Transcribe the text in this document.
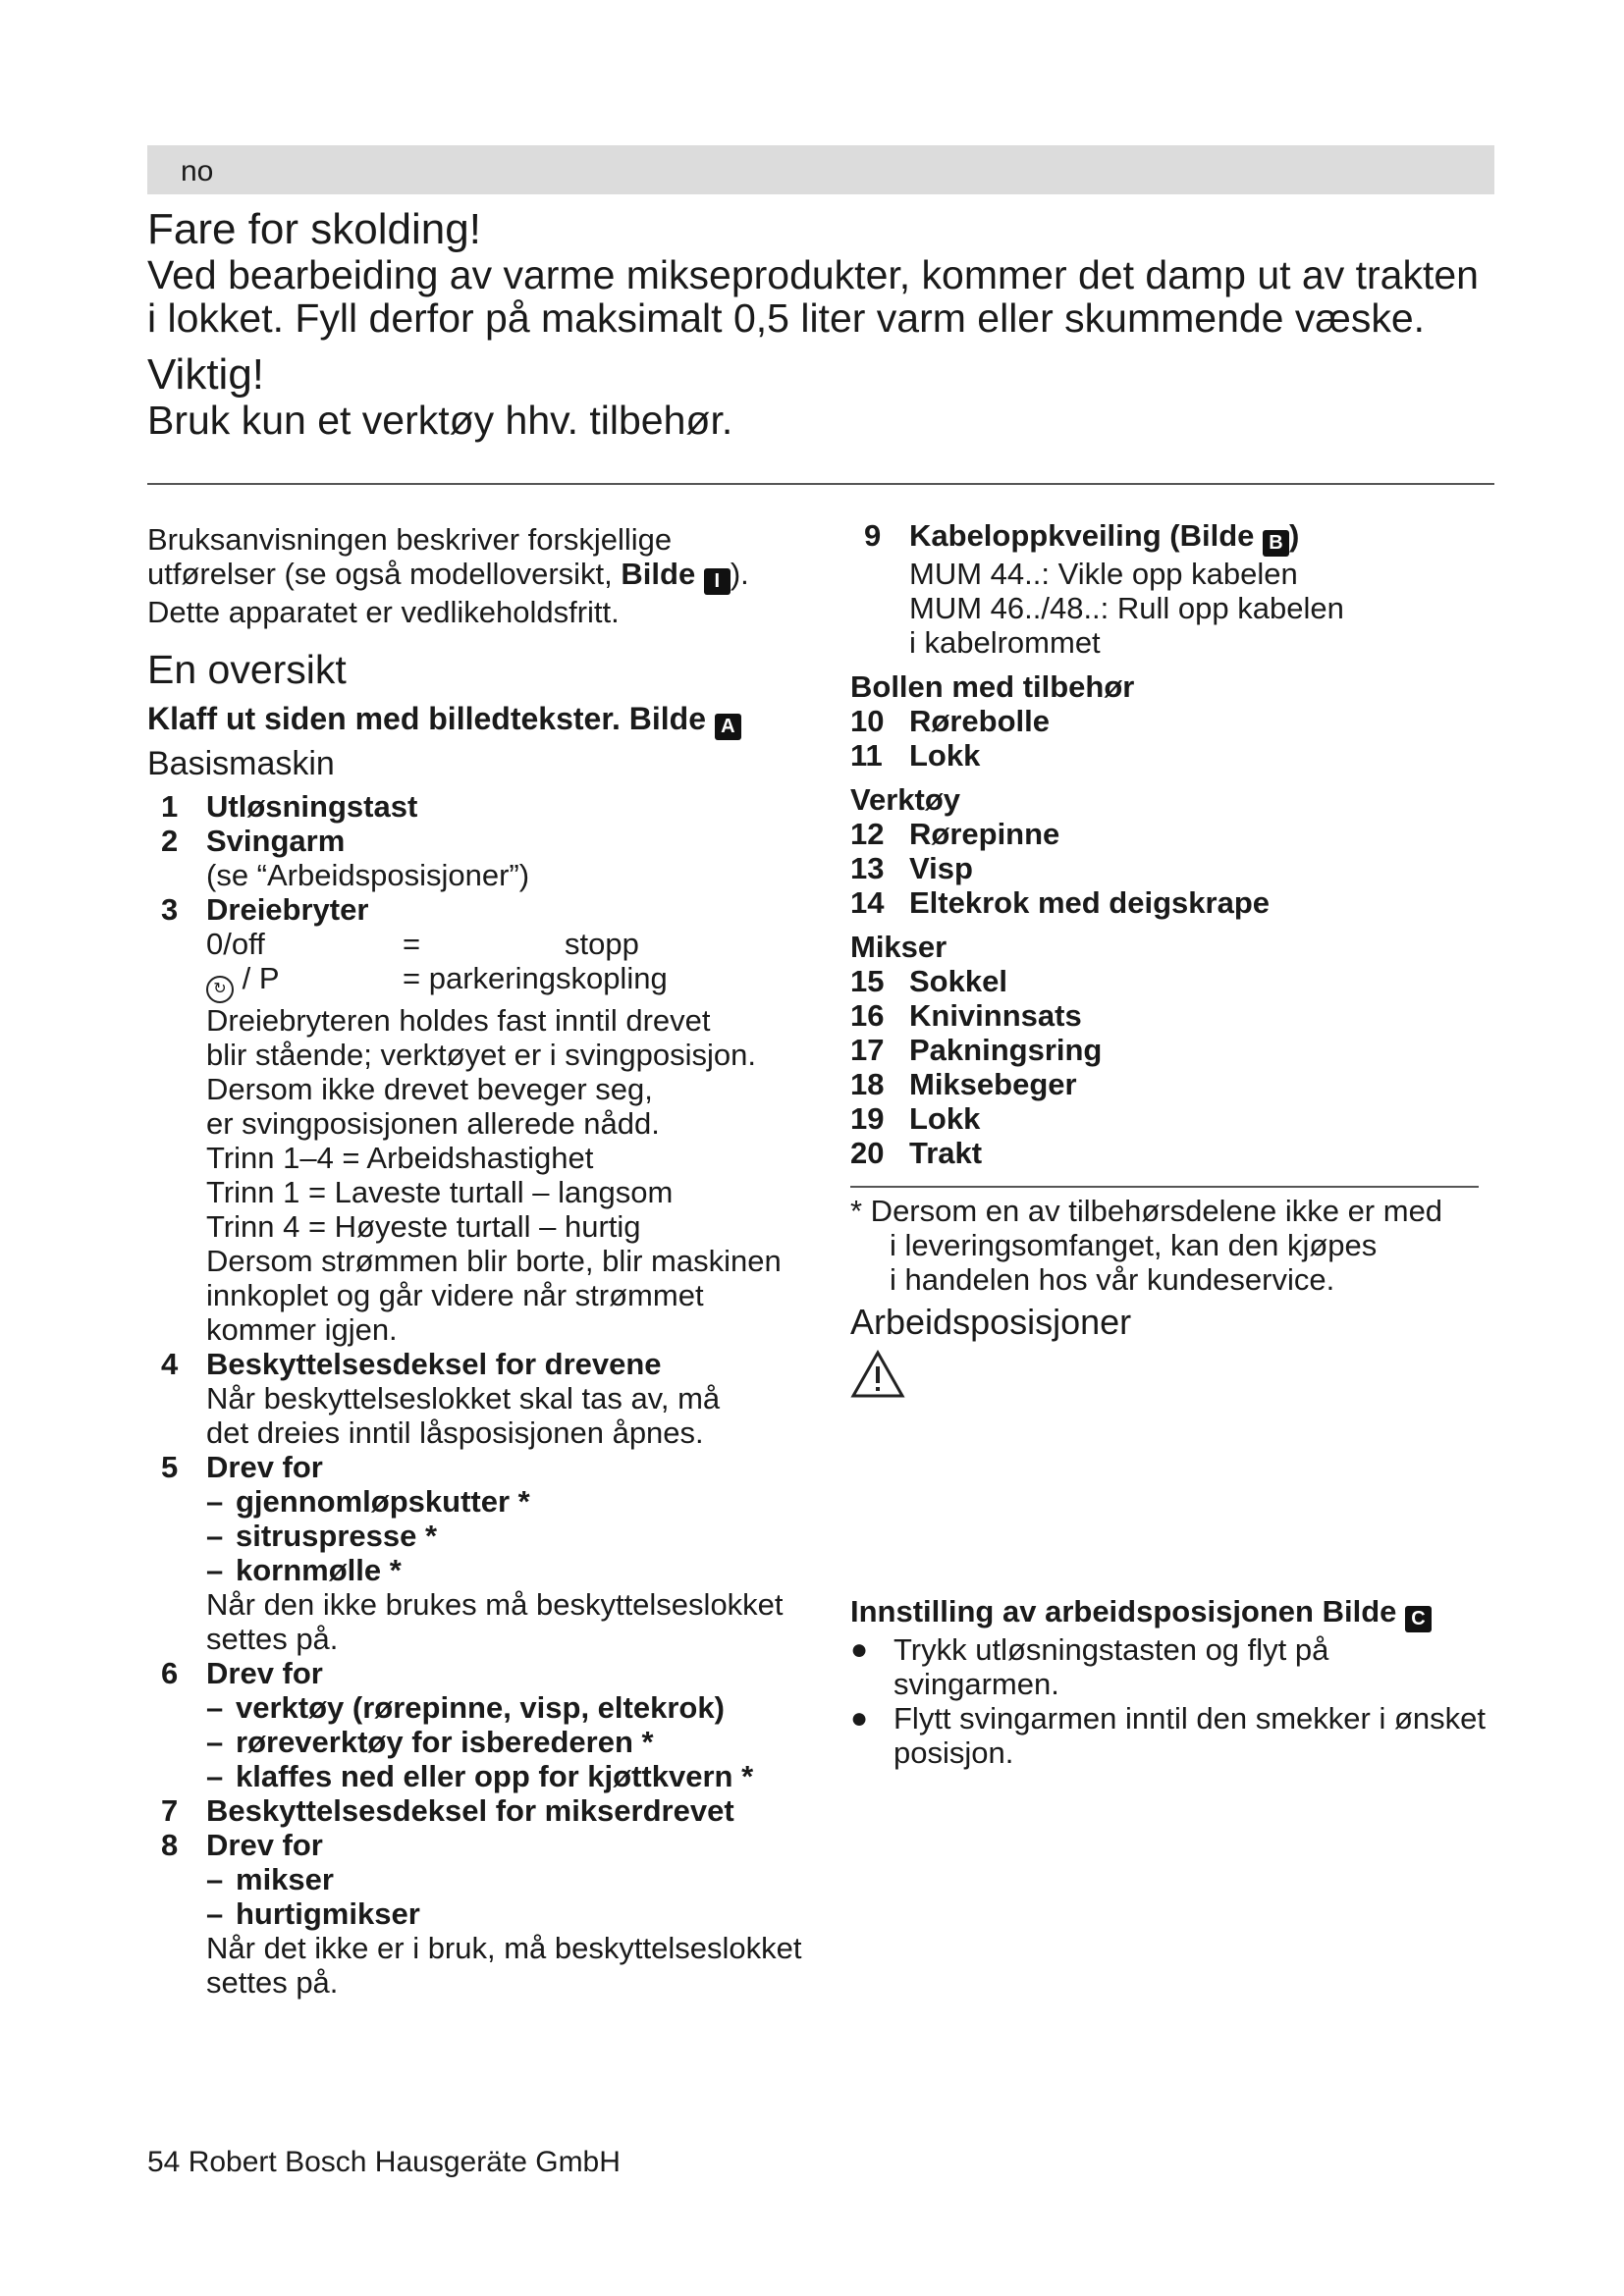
no
Fare for skolding!

Ved bearbeiding av varme mikseprodukter, kommer det damp ut av trakten i lokket. Fyll derfor på maksimalt 0,5 liter varm eller skummende væske.

Viktig!

Bruk kun et verktøy hhv. tilbehør.

Bruksanvisningen beskriver forskjellige

utførelser (se også modelloversikt, Bilde I ).

Dette apparatet er vedlikeholdsfritt.

En oversikt

Klaff ut siden med billedtekster. Bilde A

Basismaskin
1 Utløsningstast
2 Svingarm
(se “Arbeidsposisjoner”)
3 Dreiebryter
0/off	=	stopp
↻ / P	= parkeringskopling
Dreiebryteren holdes fast inntil drevet
blir stående; verktøyet er i svingposisjon.
Dersom ikke drevet beveger seg,
er svingposisjonen allerede nådd.
Trinn 1–4 = Arbeidshastighet
Trinn 1 = Laveste turtall – langsom
Trinn 4 = Høyeste turtall – hurtig
Dersom strømmen blir borte, blir maskinen
innkoplet og går videre når strømmet
kommer igjen.
4 Beskyttelsesdeksel for drevene
Når beskyttelseslokket skal tas av, må
det dreies inntil låsposisjonen åpnes.
5 Drev for
– gjennomløpskutter *
– sitruspresse *
– kornmølle *
Når den ikke brukes må beskyttelseslokket
settes på.
6 Drev for
– verktøy (rørepinne, visp, eltekrok)
– røreverktøy for isberederen *
– klaffes ned eller opp for kjøttkvern *
7 Beskyttelsesdeksel for mikserdrevet
8 Drev for
– mikser
– hurtigmikser
Når det ikke er i bruk, må beskyttelseslokket
settes på.
9 Kabeloppkveiling (Bilde B )
MUM 44..: Vikle opp kabelen
MUM 46../48..: Rull opp kabelen
i kabelrommet

Bollen med tilbehør

10 Rørebolle
11 Lokk

Verktøy

12 Rørepinne
13 Visp
14 Eltekrok med deigskrape

Mikser

15 Sokkel
16 Knivinnsats
17 Pakningsring
18 Miksebeger
19 Lokk
20 Trakt

* Dersom en av tilbehørsdelene ikke er med

i leveringsomfanget, kan den kjøpes

i handelen hos vår kundeservice.

Arbeidsposisjoner

Innstilling av arbeidsposisjonen Bilde C

● Trykk utløsningstasten og flyt på svingarmen.
● Flytt svingarmen inntil den smekker i ønsket
posisjon.
54 Robert Bosch Hausgeräte GmbH
